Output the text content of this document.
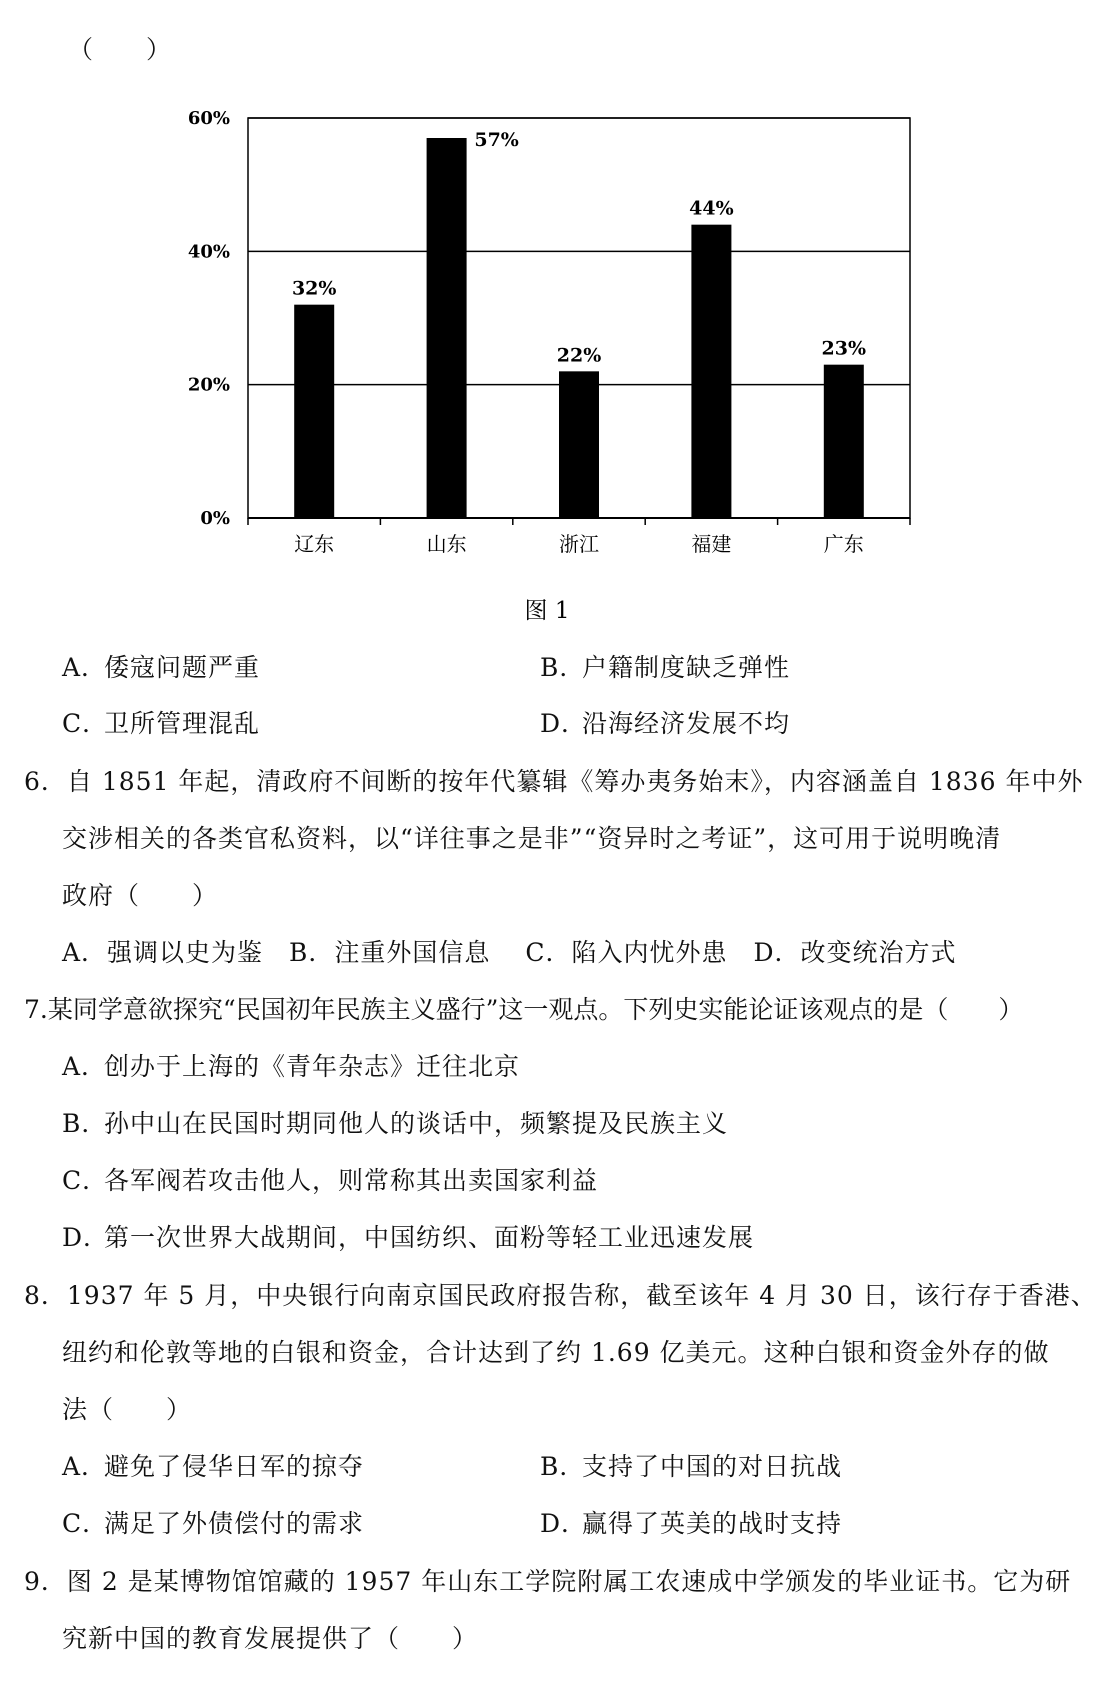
（　　）
32%
57%
22%
44%
23%
0%
20%
40%
60%
辽东	山东	浙江	福建	广东
图 1
A．倭寇问题严重	B．户籍制度缺乏弹性
C．卫所管理混乱	D．沿海经济发展不均
6．自 1851 年起，清政府不间断的按年代纂辑《筹办夷务始末》，内容涵盖自 1836 年中外
交涉相关的各类官私资料，以“详往事之是非”“资异时之考证”，这可用于说明晚清
政府（　　）
A．强调以史为鉴　B．注重外国信息　 C．陷入内忧外患　D．改变统治方式
7.某同学意欲探究“民国初年民族主义盛行”这一观点。下列史实能论证该观点的是（　　）
A．创办于上海的《青年杂志》迁往北京
B．孙中山在民国时期同他人的谈话中，频繁提及民族主义
C．各军阀若攻击他人，则常称其出卖国家利益
D．第一次世界大战期间，中国纺织、面粉等轻工业迅速发展
8．1937 年 5 月，中央银行向南京国民政府报告称，截至该年 4 月 30 日，该行存于香港、
纽约和伦敦等地的白银和资金，合计达到了约 1.69 亿美元。这种白银和资金外存的做
法（　　）
A．避免了侵华日军的掠夺	B．支持了中国的对日抗战
C．满足了外债偿付的需求	D．赢得了英美的战时支持
9．图 2 是某博物馆馆藏的 1957 年山东工学院附属工农速成中学颁发的毕业证书。它为研
究新中国的教育发展提供了（　　）
